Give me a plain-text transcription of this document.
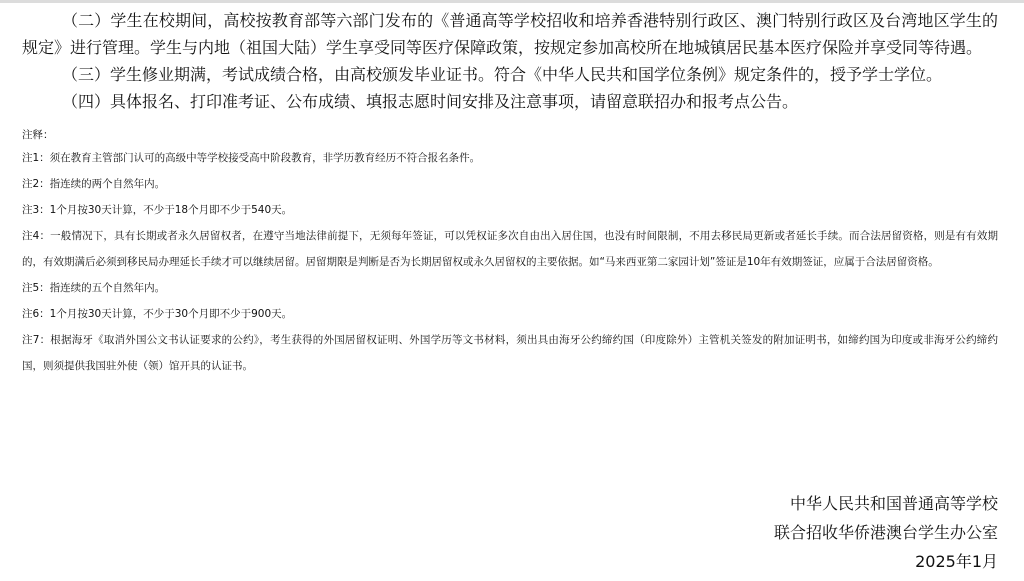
（二）学生在校期间，高校按教育部等六部门发布的《普通高等学校招收和培养香港特别行政区、澳门特别行政区及台湾地区学生的规定》进行管理。学生与内地（祖国大陆）学生享受同等医疗保障政策，按规定参加高校所在地城镇居民基本医疗保险并享受同等待遇。

（三）学生修业期满，考试成绩合格，由高校颁发毕业证书。符合《中华人民共和国学位条例》规定条件的，授予学士学位。

（四）具体报名、打印准考证、公布成绩、填报志愿时间安排及注意事项，请留意联招办和报考点公告。

注释：

注1：须在教育主管部门认可的高级中等学校接受高中阶段教育，非学历教育经历不符合报名条件。

注2：指连续的两个自然年内。

注3：1个月按30天计算，不少于18个月即不少于540天。

注4：一般情况下，具有长期或者永久居留权者，在遵守当地法律前提下，无须每年签证，可以凭权证多次自由出入居住国，也没有时间限制，不用去移民局更新或者延长手续。而合法居留资格，则是有有效期的，有效期满后必须到移民局办理延长手续才可以继续居留。居留期限是判断是否为长期居留权或永久居留权的主要依据。如“马来西亚第二家园计划”签证是10年有效期签证，应属于合法居留资格。

注5：指连续的五个自然年内。

注6：1个月按30天计算，不少于30个月即不少于900天。

注7：根据海牙《取消外国公文书认证要求的公约》，考生获得的外国居留权证明、外国学历等文书材料，须出具由海牙公约缔约国（印度除外）主管机关签发的附加证明书，如缔约国为印度或非海牙公约缔约国，则须提供我国驻外使（领）馆开具的认证书。

中华人民共和国普通高等学校

联合招收华侨港澳台学生办公室

2025年1月
